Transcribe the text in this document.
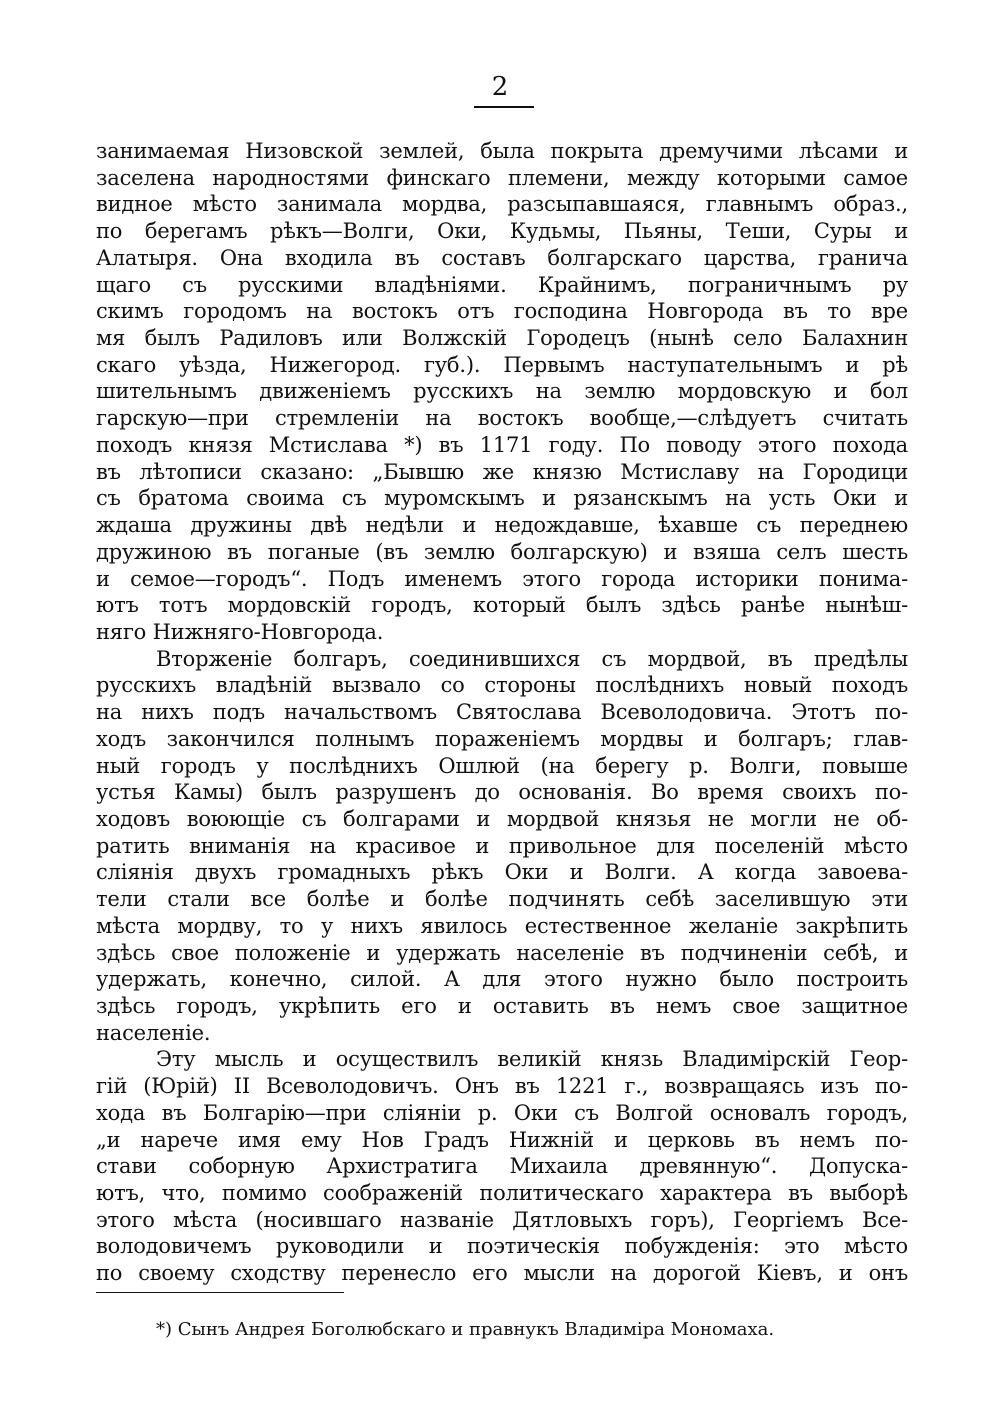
2
занимаемая Низовской землей, была покрыта дремучими лѣсами и
заселена народностями финскаго племени, между которыми самое
видное мѣсто занимала мордва, разсыпавшаяся, главнымъ образ.,
по берегамъ рѣкъ—Волги, Оки, Кудьмы, Пьяны, Теши, Суры и
Алатыря. Она входила въ составъ болгарскаго царства, гранича
щаго съ русскими владѣніями. Крайнимъ, пограничнымъ ру
скимъ городомъ на востокъ отъ господина Новгорода въ то вре
мя былъ Радиловъ или Волжскій Городецъ (нынѣ село Балахнин
скаго уѣзда, Нижегород. губ.). Первымъ наступательнымъ и рѣ
шительнымъ движеніемъ русскихъ на землю мордовскую и бол
гарскую—при стремленіи на востокъ вообще,—слѣдуетъ считать
походъ князя Мстислава *) въ 1171 году. По поводу этого похода
въ лѣтописи сказано: „Бывшю же князю Мстиславу на Городици
съ братома своима съ муромскымъ и рязанскымъ на усть Оки и
ждаша дружины двѣ недѣли и недождавше, ѣхавше съ переднею
дружиною въ поганые (въ землю болгарскую) и взяша селъ шесть
и семое—городъ“. Подъ именемъ этого города историки понима-
ютъ тотъ мордовскій городъ, который былъ здѣсь ранѣе нынѣш-
няго Нижняго-Новгорода.
Вторженіе болгаръ, соединившихся съ мордвой, въ предѣлы
русскихъ владѣній вызвало со стороны послѣднихъ новый походъ
на нихъ подъ начальствомъ Святослава Всеволодовича. Этотъ по-
ходъ закончился полнымъ пораженіемъ мордвы и болгаръ; глав-
ный городъ у послѣднихъ Ошлюй (на берегу р. Волги, повыше
устья Камы) былъ разрушенъ до основанія. Во время своихъ по-
ходовъ воюющіе съ болгарами и мордвой князья не могли не об-
ратить вниманія на красивое и привольное для поселеній мѣсто
сліянія двухъ громадныхъ рѣкъ Оки и Волги. А когда завоева-
тели стали все болѣе и болѣе подчинять себѣ заселившую эти
мѣста мордву, то у нихъ явилось естественное желаніе закрѣпить
здѣсь свое положеніе и удержать населеніе въ подчиненіи себѣ, и
удержать, конечно, силой. А для этого нужно было построить
здѣсь городъ, укрѣпить его и оставить въ немъ свое защитное
населеніе.
Эту мысль и осуществилъ великій князь Владимірскій Геор-
гій (Юрій) II Всеволодовичъ. Онъ въ 1221 г., возвращаясь изъ по-
хода въ Болгарію—при сліяніи р. Оки съ Волгой основалъ городъ,
„и нарече имя ему Нов Градъ Нижній и церковь въ немъ по-
стави соборную Архистратига Михаила древянную“. Допуска-
ютъ, что, помимо соображеній политическаго характера въ выборѣ
этого мѣста (носившаго названіе Дятловыхъ горъ), Георгіемъ Все-
володовичемъ руководили и поэтическія побужденія: это мѣсто
по своему сходству перенесло его мысли на дорогой Кіевъ, и онъ
*) Сынъ Андрея Боголюбскаго и правнукъ Владиміра Мономаха.
